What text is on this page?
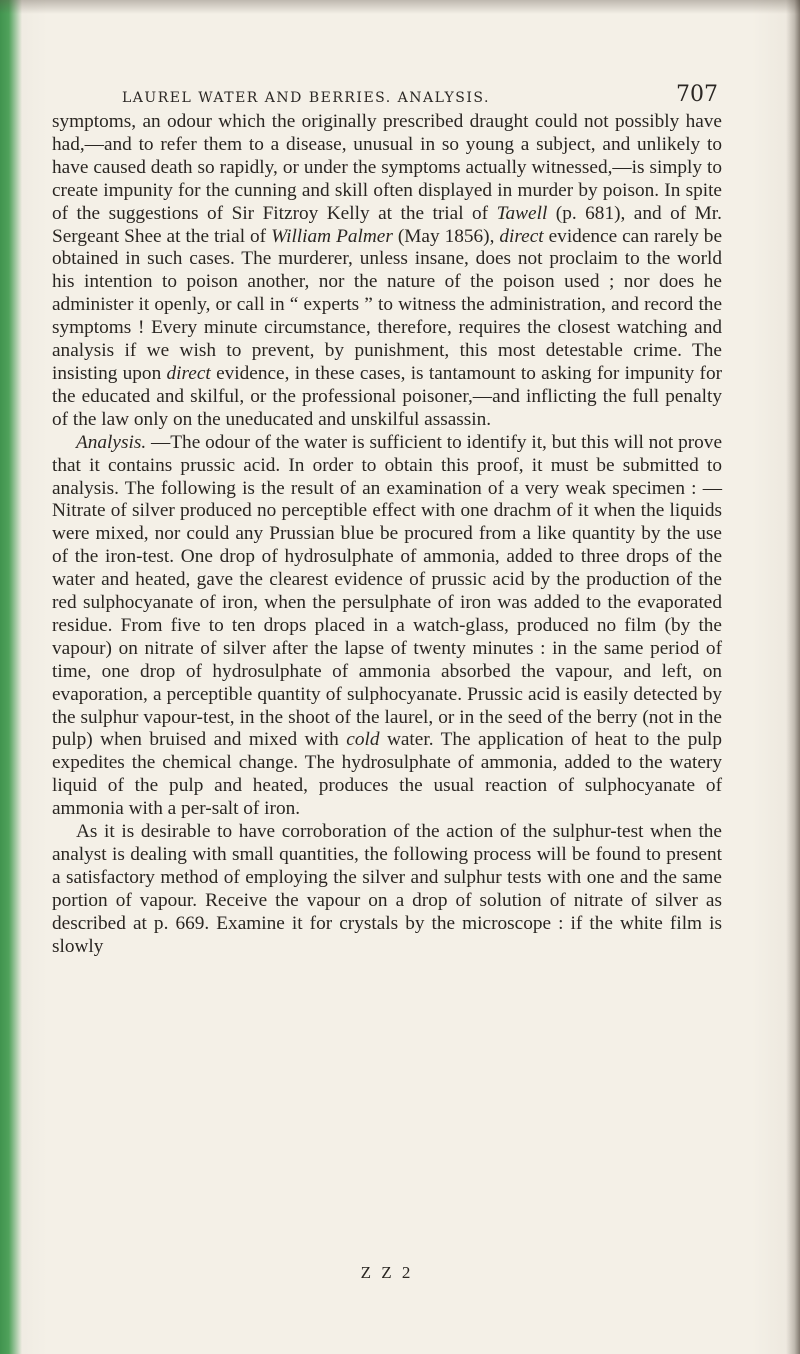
LAUREL WATER AND BERRIES. ANALYSIS.	707

symptoms, an odour which the originally prescribed draught could not possibly have had,—and to refer them to a disease, unusual in so young a subject, and unlikely to have caused death so rapidly, or under the symptoms actually witnessed,—is simply to create impunity for the cunning and skill often displayed in murder by poison. In spite of the suggestions of Sir Fitzroy Kelly at the trial of Tawell (p. 681), and of Mr. Sergeant Shee at the trial of William Palmer (May 1856), direct evidence can rarely be obtained in such cases. The murderer, unless insane, does not proclaim to the world his intention to poison another, nor the nature of the poison used ; nor does he administer it openly, or call in “ experts ” to witness the administration, and record the symptoms ! Every minute circumstance, therefore, requires the closest watching and analysis if we wish to prevent, by punishment, this most detestable crime. The insisting upon direct evidence, in these cases, is tantamount to asking for impunity for the educated and skilful, or the professional poisoner,—and inflicting the full penalty of the law only on the uneducated and unskilful assassin.

Analysis. —The odour of the water is sufficient to identify it, but this will not prove that it contains prussic acid. In order to obtain this proof, it must be submitted to analysis. The following is the result of an examination of a very weak specimen : — Nitrate of silver produced no perceptible effect with one drachm of it when the liquids were mixed, nor could any Prussian blue be procured from a like quantity by the use of the iron-test. One drop of hydrosulphate of ammonia, added to three drops of the water and heated, gave the clearest evidence of prussic acid by the production of the red sulphocyanate of iron, when the persulphate of iron was added to the evaporated residue. From five to ten drops placed in a watch-glass, produced no film (by the vapour) on nitrate of silver after the lapse of twenty minutes : in the same period of time, one drop of hydrosulphate of ammonia absorbed the vapour, and left, on evaporation, a perceptible quantity of sulphocyanate. Prussic acid is easily detected by the sulphur vapour-test, in the shoot of the laurel, or in the seed of the berry (not in the pulp) when bruised and mixed with cold water. The application of heat to the pulp expedites the chemical change. The hydrosulphate of ammonia, added to the watery liquid of the pulp and heated, produces the usual reaction of sulphocyanate of ammonia with a per-salt of iron.

As it is desirable to have corroboration of the action of the sulphur-test when the analyst is dealing with small quantities, the following process will be found to present a satisfactory method of employing the silver and sulphur tests with one and the same portion of vapour. Receive the vapour on a drop of solution of nitrate of silver as described at p. 669. Examine it for crystals by the microscope : if the white film is slowly

Z Z 2
